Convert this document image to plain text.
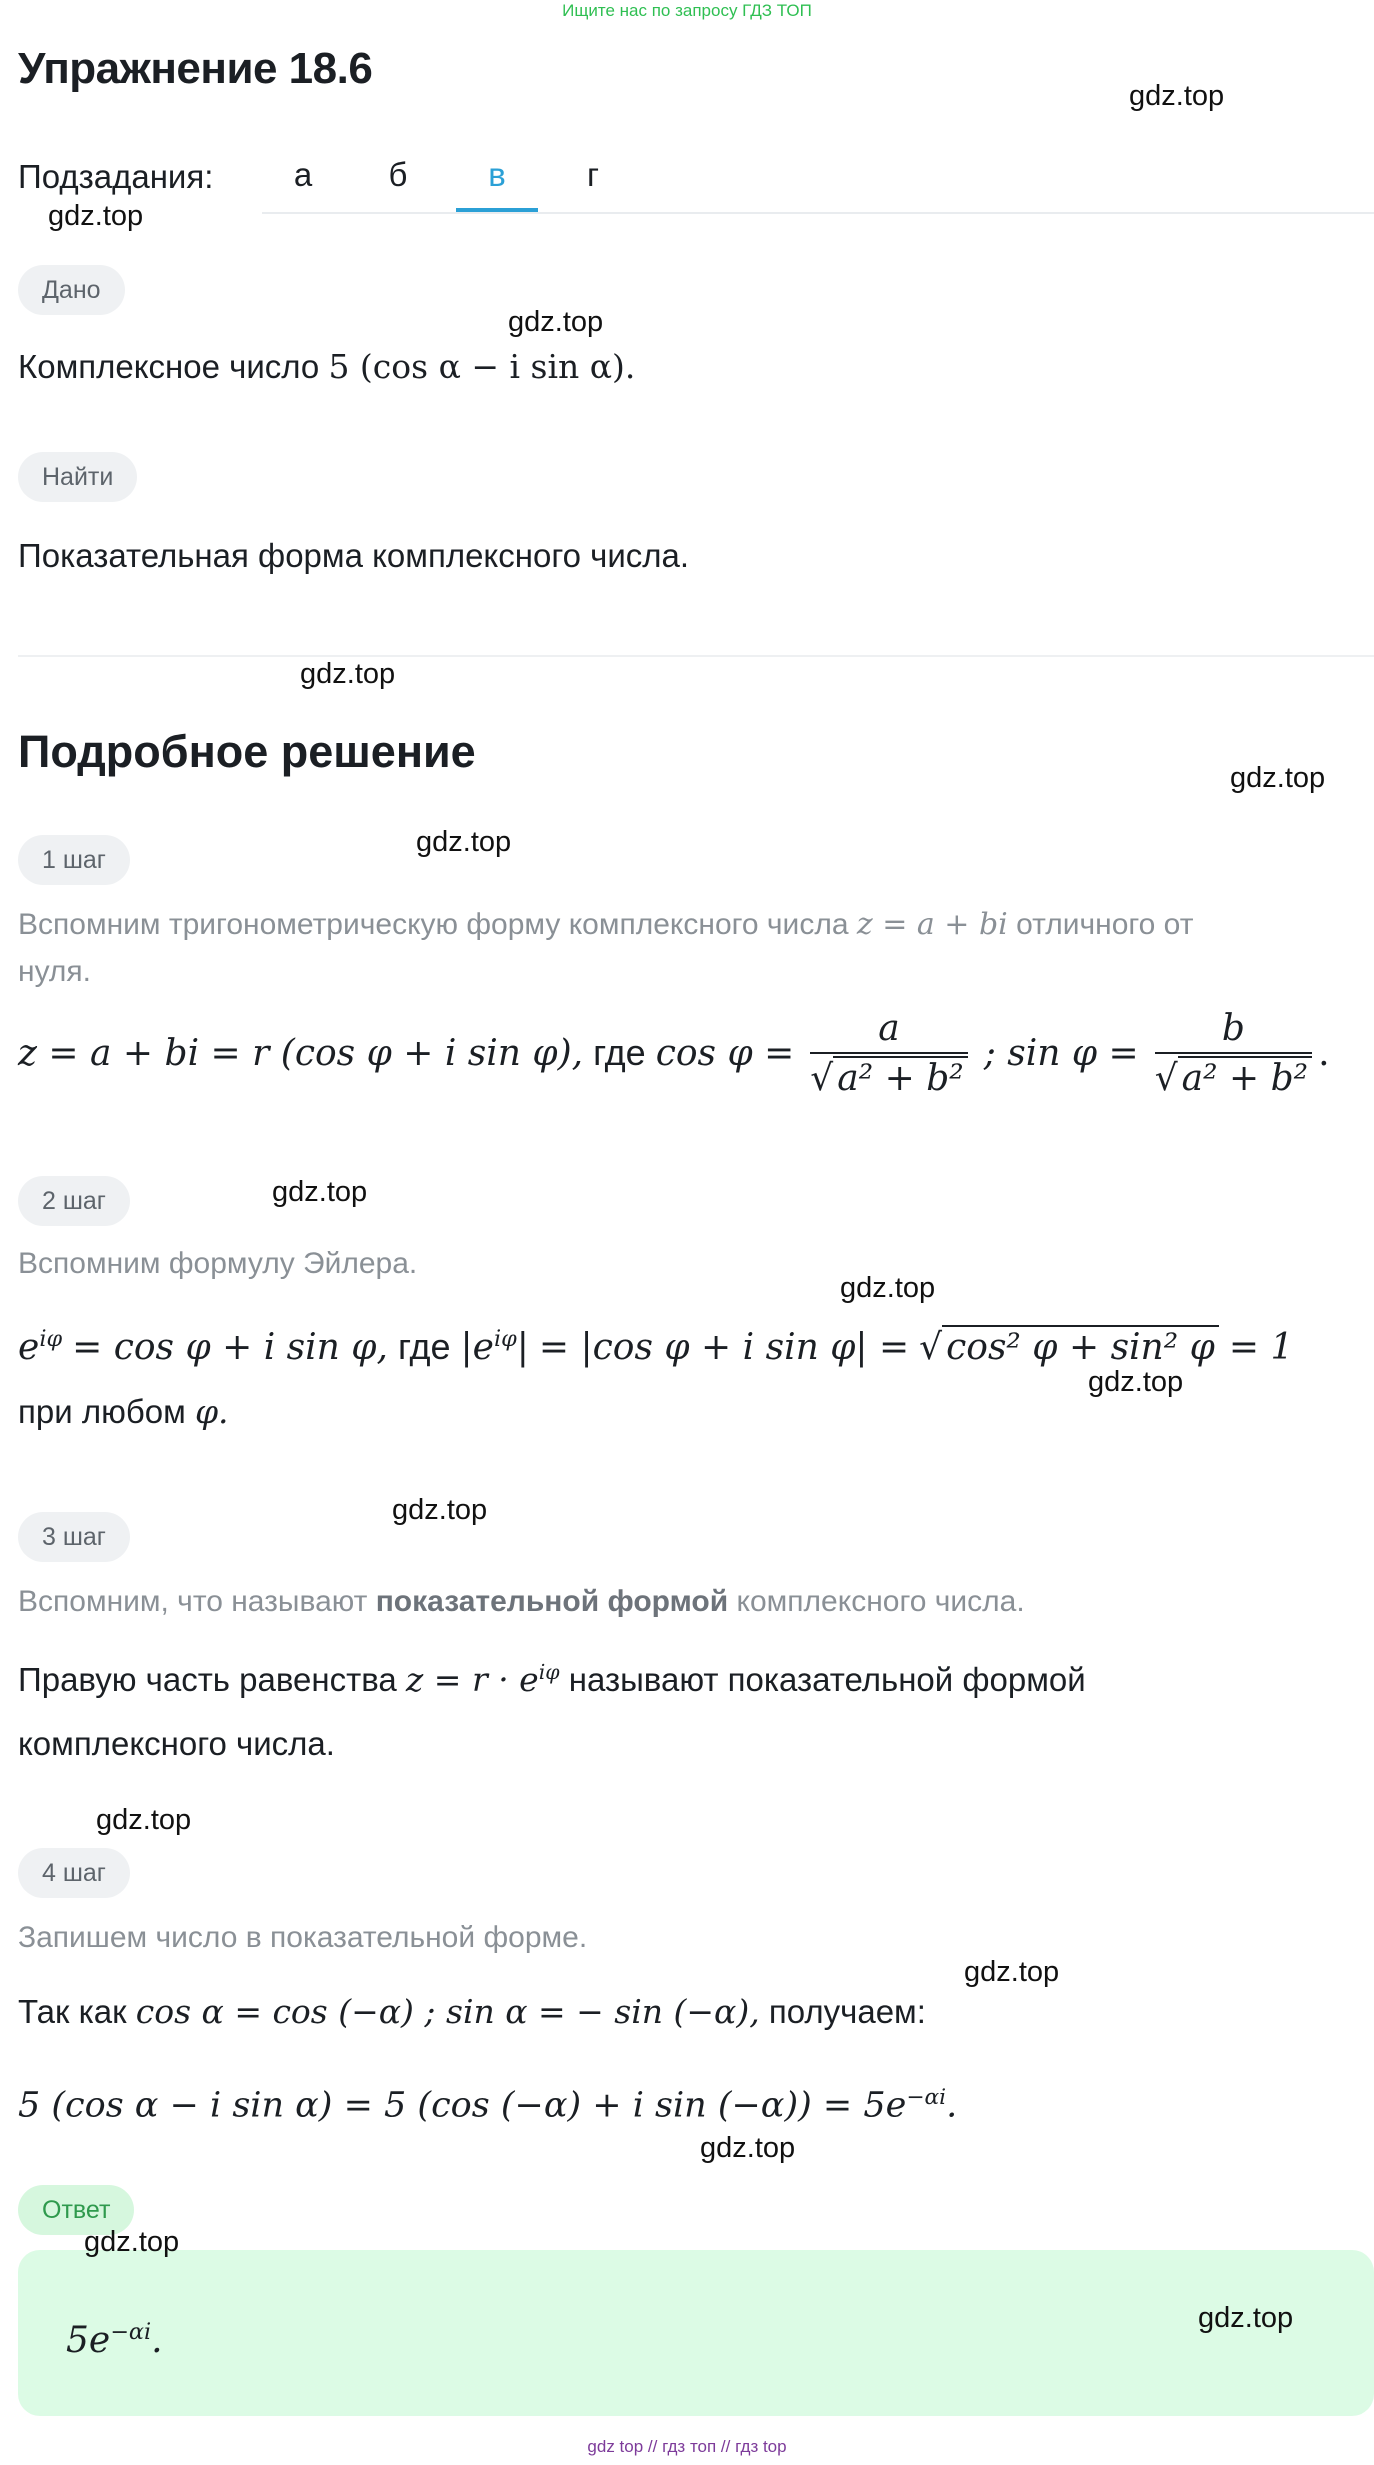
Ищите нас по запросу ГДЗ ТОП
Упражнение 18.6
gdz.top
Подзадания:	а	б	в	г
gdz.top
Дано
gdz.top
Комплексное число 5 (cos α − i sin α).
Найти
Показательная форма комплексного числа.
gdz.top
Подробное решение
gdz.top
1 шаг
gdz.top
Вспомним тригонометрическую форму комплексного числа z = a + bi отличного от
нуля.
z = a + bi = r (cos φ + i sin φ), где $\cos \varphi = \frac{a}{\text{√ a² + b²}}$ ; $\sin \varphi = \frac{b}{\text{√ a² + b²}}$ .
2 шаг	gdz.top
Вспомним формулу Эйлера.
gdz.top
$e^{i\varphi} = \cos \varphi + i$ sin φ, где $|e^{i\varphi}| = |\cos$ φ + i sin φ| = √ cos² φ + sin² φ = 1
gdz.top
при любом φ.
gdz.top
3 шаг
Вспомним, что называют показательной формой комплексного числа.
Правую часть равенства $z = r \cdot e^{i\varphi}$ называют показательной формой
комплексного числа.
gdz.top
4 шаг
Запишем число в показательной форме.
gdz.top
Так как cos α = cos (−α) ; sin α = − sin (−α), получаем:
5 (cos α − i sin α) = 5 (cos (−α) + i $\sin (-\alpha)) = 5e^{-\alpha i}$.
gdz.top
Ответ
gdz.top
$5e^{-\alpha i}$.
gdz.top
gdz top // гдз топ // гдз top
